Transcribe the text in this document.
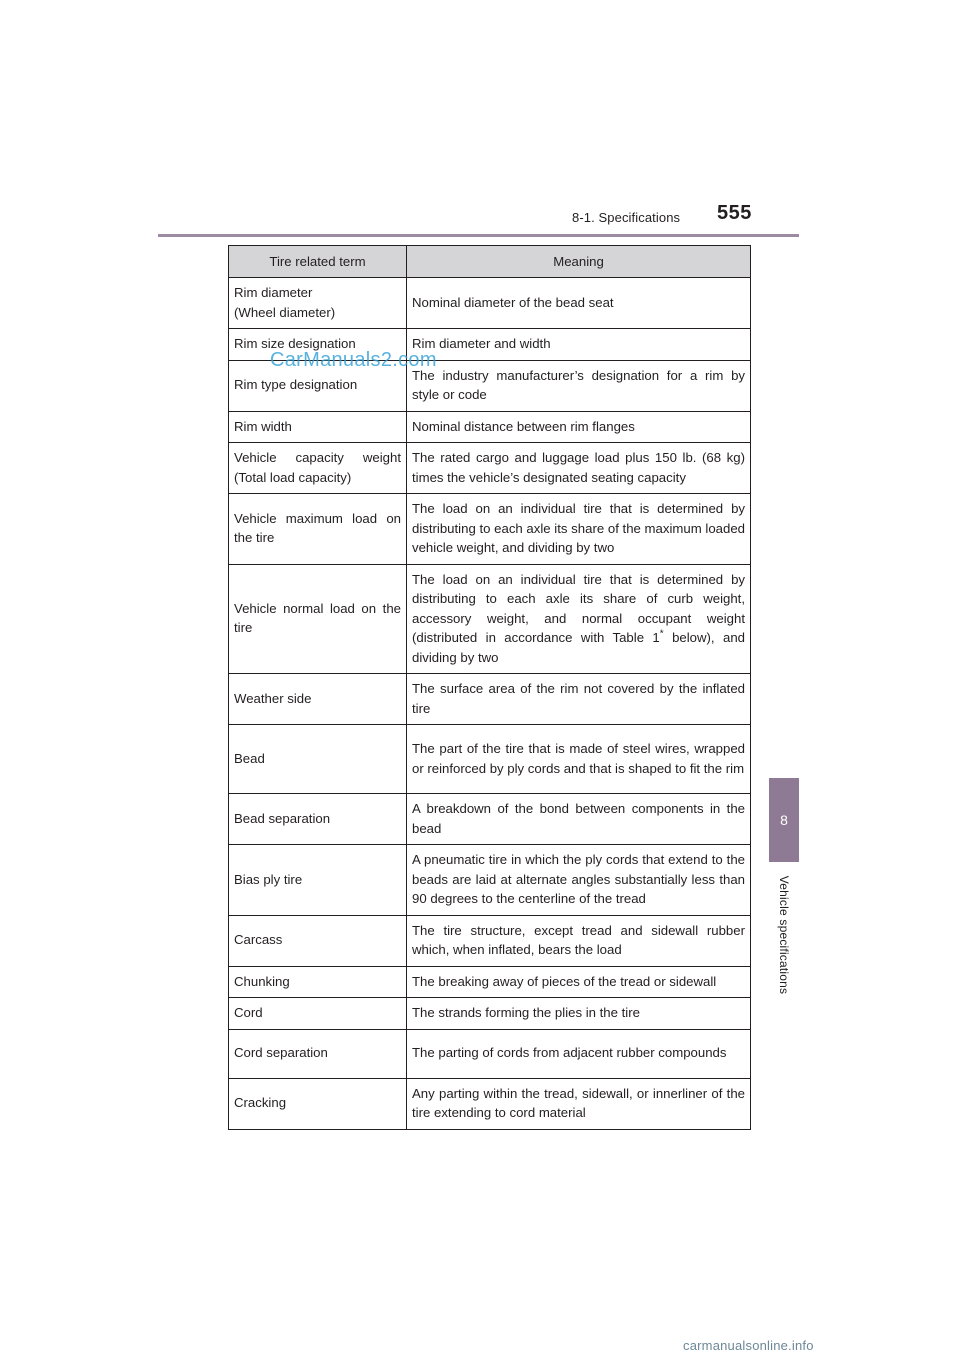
8-1. Specifications 555
8
Vehicle specifications
Tire related term	Meaning
Rim diameter
(Wheel diameter)	Nominal diameter of the bead seat
Rim size designation	Rim diameter and width
Rim type designation	The industry manufacturer’s designation for a rim by style or code
Rim width	Nominal distance between rim flanges
Vehicle capacity weight (Total load capacity)	The rated cargo and luggage load plus 150 lb. (68 kg) times the vehicle’s designated seating capacity
Vehicle maximum load on the tire	The load on an individual tire that is determined by distributing to each axle its share of the maximum loaded vehicle weight, and dividing by two
Vehicle normal load on the tire	The load on an individual tire that is determined by distributing to each axle its share of curb weight, accessory weight, and normal occupant weight (distributed in accordance with Table 1* below), and dividing by two
Weather side	The surface area of the rim not covered by the inflated tire
Bead	The part of the tire that is made of steel wires, wrapped or reinforced by ply cords and that is shaped to fit the rim
Bead separation	A breakdown of the bond between components in the bead
Bias ply tire	A pneumatic tire in which the ply cords that extend to the beads are laid at alternate angles substantially less than 90 degrees to the centerline of the tread
Carcass	The tire structure, except tread and sidewall rubber which, when inflated, bears the load
Chunking	The breaking away of pieces of the tread or sidewall
Cord	The strands forming the plies in the tire
Cord separation	The parting of cords from adjacent rubber compounds
Cracking	Any parting within the tread, sidewall, or innerliner of the tire extending to cord material
CarManuals2.com
carmanualsonline.info
